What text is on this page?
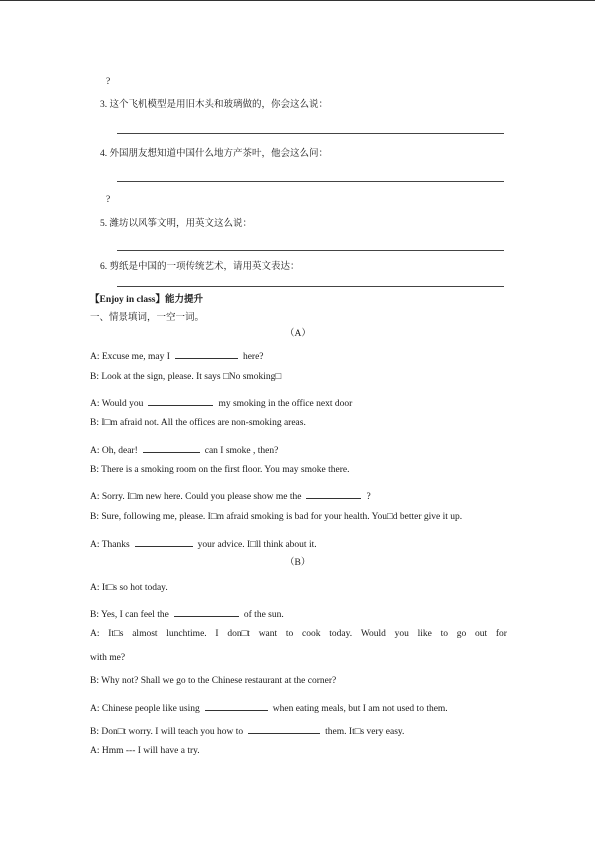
?
3. 这个飞机模型是用旧木头和玻璃做的，你会这么说：
4. 外国朋友想知道中国什么地方产茶叶，他会这么问：
?
5. 潍坊以风筝文明，用英文这么说：
6. 剪纸是中国的一项传统艺术，请用英文表达：
【Enjoy in class】能力提升
一、情景填词，一空一词。
（A）
A: Excuse me, may I	here?
B: Look at the sign, please. It says □No smoking□
A: Would you	my smoking in the office next door
B: I□m afraid not. All the offices are non-smoking areas.
A: Oh, dear!	can I smoke , then?
B: There is a smoking room on the first floor. You may smoke there.
A: Sorry. I□m new here. Could you please show me the	?
B: Sure, following me, please. I□m afraid smoking is bad for your health. You□d better give it up.
A: Thanks	your advice. I□ll think about it.
（B）
A: It□s so hot today.
B: Yes, I can feel the	of the sun.
A: It□s almost lunchtime. I don□t want to cook today. Would you like to go out for
with me?
B: Why not? Shall we go to the Chinese restaurant at the corner?
A: Chinese people like using	when eating meals, but I am not used to them.
B: Don□t worry. I will teach you how to	them. It□s very easy.
A: Hmm --- I will have a try.
